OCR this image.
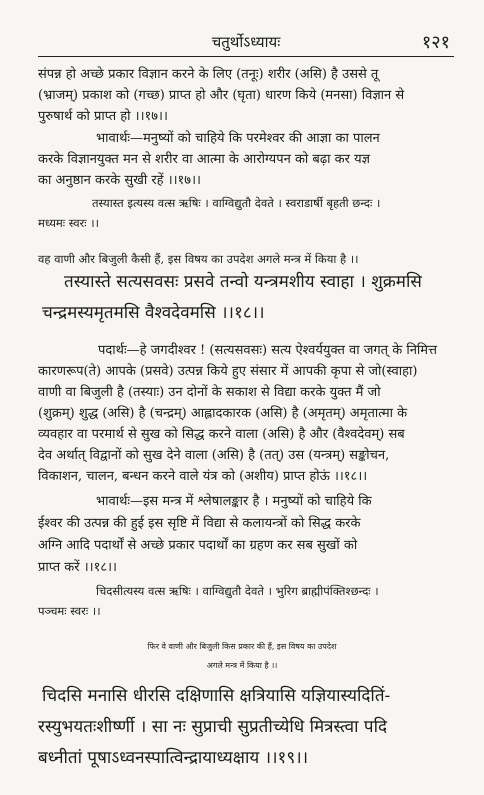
चतुर्थोऽध्यायः	१२१
संपन्न हो अच्छे प्रकार विज्ञान करने के लिए (तनूः) शरीर (असि) है उससे तू
(भ्राजम्) प्रकाश को (गच्छ) प्राप्त हो और (घृता) धारण किये (मनसा) विज्ञान से
पुरुषार्थ को प्राप्त हो ।।१७।।
भावार्थः—मनुष्यों को चाहिये कि परमेश्वर की आज्ञा का पालन
करके विज्ञानयुक्त मन से शरीर वा आत्मा के आरोग्यपन को बढ़ा कर यज्ञ
का अनुष्ठान करके सुखी रहें ।।१७।।
तस्यास्त इत्यस्य वत्स ऋषिः । वाग्विद्युतौ देवते । स्वराडार्षी बृहती छन्दः ।
मध्यमः स्वरः ।।
वह वाणी और बिजुली कैसी हैं, इस विषय का उपदेश अगले मन्त्र में किया है ।।
तस्यास्ते सत्यसवसः प्रसवे तन्वो यन्त्रमशीय स्वाहा । शुक्रमसि
चन्द्रमस्यमृतमसि वैश्वदेवमसि ।।१८।।
पदार्थः—हे जगदीश्वर ! (सत्यसवसः) सत्य ऐश्वर्ययुक्त वा जगत् के निमित्त
कारणरूप(ते) आपके (प्रसवे) उत्पन्न किये हुए संसार में आपकी कृपा से जो(स्वाहा)
वाणी वा बिजुली है (तस्याः) उन दोनों के सकाश से विद्या करके युक्त मैं जो
(शुक्रम्) शुद्ध (असि) है (चन्द्रम्) आह्लादकारक (असि) है (अमृतम्) अमृतात्मा के
व्यवहार वा परमार्थ से सुख को सिद्ध करने वाला (असि) है और (वैश्वदेवम्) सब
देव अर्थात् विद्वानों को सुख देने वाला (असि) है (तत्) उस (यन्त्रम्) सङ्कोचन,
विकाशन, चालन, बन्धन करने वाले यंत्र को (अशीय) प्राप्त होऊं ।।१८।।
भावार्थः—इस मन्त्र में श्लेषालङ्कार है । मनुष्यों को चाहिये कि
ईश्वर की उत्पन्न की हुई इस सृष्टि में विद्या से कलायन्त्रों को सिद्ध करके
अग्नि आदि पदार्थों से अच्छे प्रकार पदार्थों का ग्रहण कर सब सुखों को
प्राप्त करें ।।१८।।
चिदसीत्यस्य वत्स ऋषिः । वाग्विद्युतौ देवते । भुरिग ब्राह्मीपंक्तिश्छन्दः ।
पञ्चमः स्वरः ।।
फिर वे वाणी और बिजुली किस प्रकार की हैं, इस विषय का उपदेश
अगले मन्त्र में किया है ।।
चिदसि मनासि धीरसि दक्षिणासि क्षत्रियासि यज्ञियास्यदितिं-
रस्युभयतःशीर्ष्णी । सा नः सुप्राची सुप्रतीच्येधि मित्रस्त्वा पदि
बध्नीतां पूषाऽध्वनस्पात्विन्द्रायाध्यक्षाय ।।१९।।
